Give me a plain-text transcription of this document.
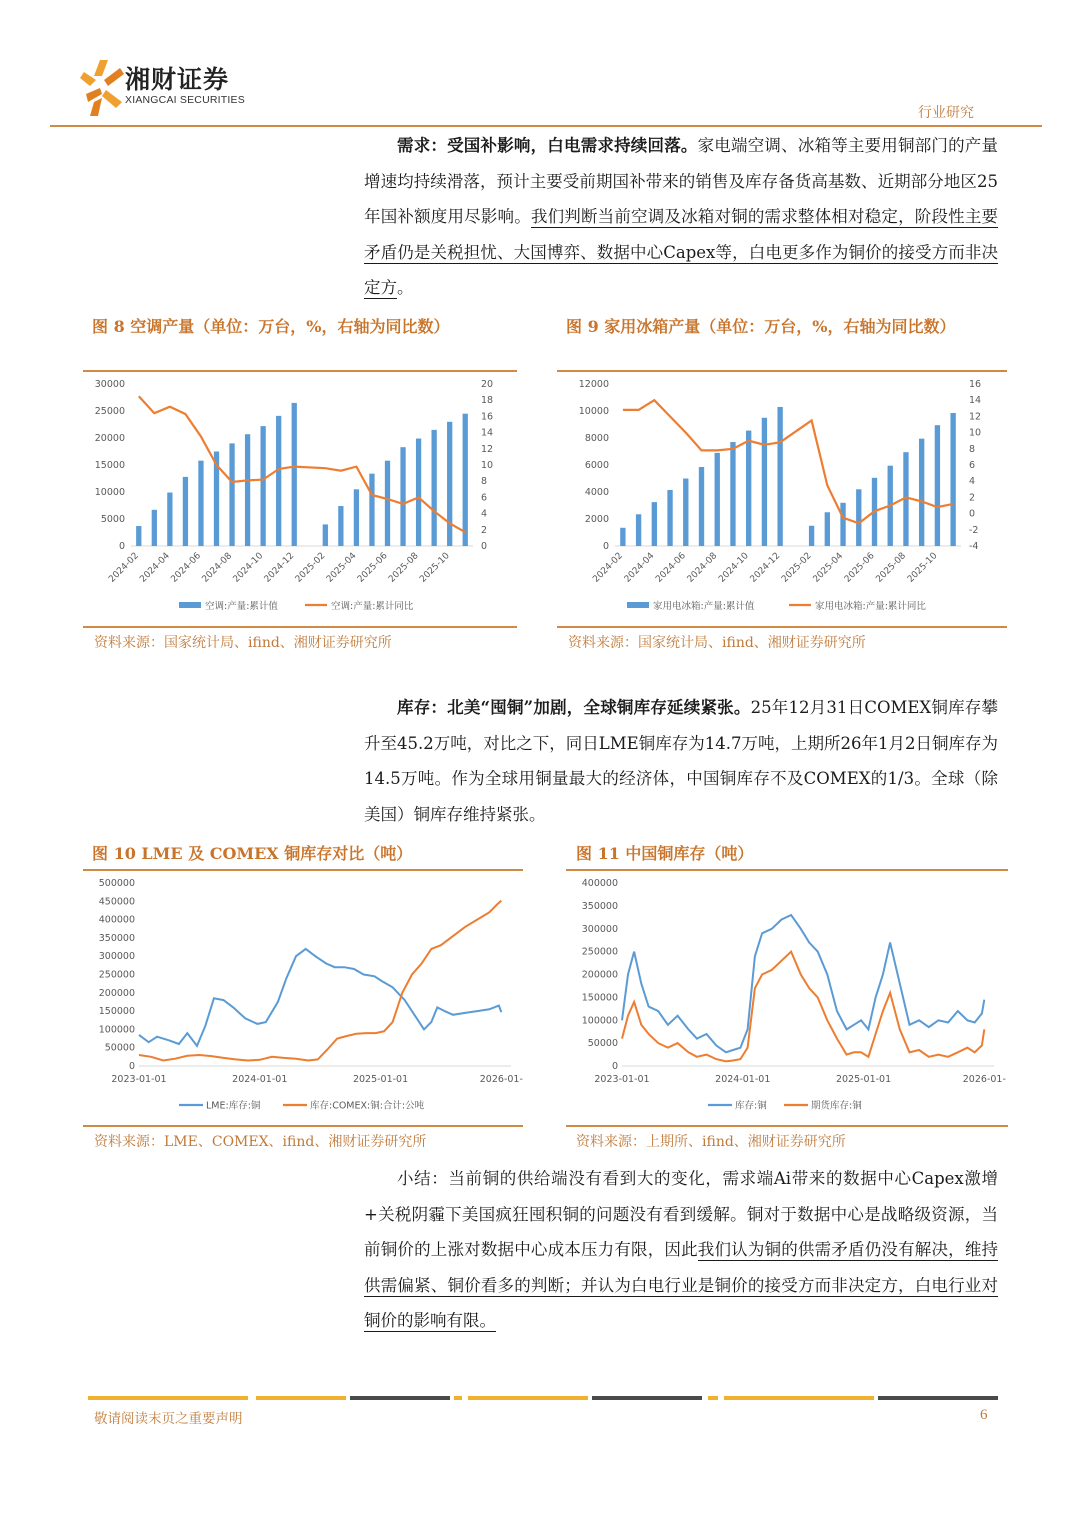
湘财证券
XIANGCAI SECURITIES
行业研究
需求：受国补影响，白电需求持续回落。家电端空调、冰箱等主要用铜部门的产量增速均持续滑落，预计主要受前期国补带来的销售及库存备货高基数、近期部分地区25年国补额度用尽影响。我们判断当前空调及冰箱对铜的需求整体相对稳定，阶段性主要矛盾仍是关税担忧、大国博弈、数据中心Capex等，白电更多作为铜价的接受方而非决定方。
图 8 空调产量（单位：万台，%，右轴为同比数）
0
5000
10000
15000
20000
25000
30000
0
2
4
6
8
10
12
14
16
18
20
2024-02
2024-04
2024-06
2024-08
2024-10
2024-12
2025-02
2025-04
2025-06
2025-08
2025-10
空调:产量:累计值	空调:产量:累计同比
资料来源：国家统计局、ifind、湘财证券研究所
图 9 家用冰箱产量（单位：万台，%，右轴为同比数）
0
2000
4000
6000
8000
10000
12000
-4
-2
0
2
4
6
8
10
12
14
16
2024-02
2024-04
2024-06
2024-08
2024-10
2024-12
2025-02
2025-04
2025-06
2025-08
2025-10
家用电冰箱:产量:累计值	家用电冰箱:产量:累计同比
资料来源：国家统计局、ifind、湘财证券研究所
库存：北美“囤铜”加剧，全球铜库存延续紧张。25年12月31日COMEX铜库存攀升至45.2万吨，对比之下，同日LME铜库存为14.7万吨，上期所26年1月2日铜库存为14.5万吨。作为全球用铜量最大的经济体，中国铜库存不及COMEX的1/3。全球（除美国）铜库存维持紧张。
图 10 LME 及 COMEX 铜库存对比（吨）
0
50000
100000
150000
200000
250000
300000
350000
400000
450000
500000
2023-01-01	2024-01-01	2025-01-01	2026-01-
LME:库存:铜	库存:COMEX:铜:合计:公吨
资料来源：LME、COMEX、ifind、湘财证券研究所
图 11 中国铜库存（吨）
0
50000
100000
150000
200000
250000
300000
350000
400000
2023-01-01	2024-01-01	2025-01-01	2026-01-
库存:铜	期货库存:铜
资料来源：上期所、ifind、湘财证券研究所
小结：当前铜的供给端没有看到大的变化，需求端Ai带来的数据中心Capex激增+关税阴霾下美国疯狂囤积铜的问题没有看到缓解。铜对于数据中心是战略级资源，当前铜价的上涨对数据中心成本压力有限，因此我们认为铜的供需矛盾仍没有解决，维持供需偏紧、铜价看多的判断；并认为白电行业是铜价的接受方而非决定方，白电行业对铜价的影响有限。
敬请阅读末页之重要声明	6
